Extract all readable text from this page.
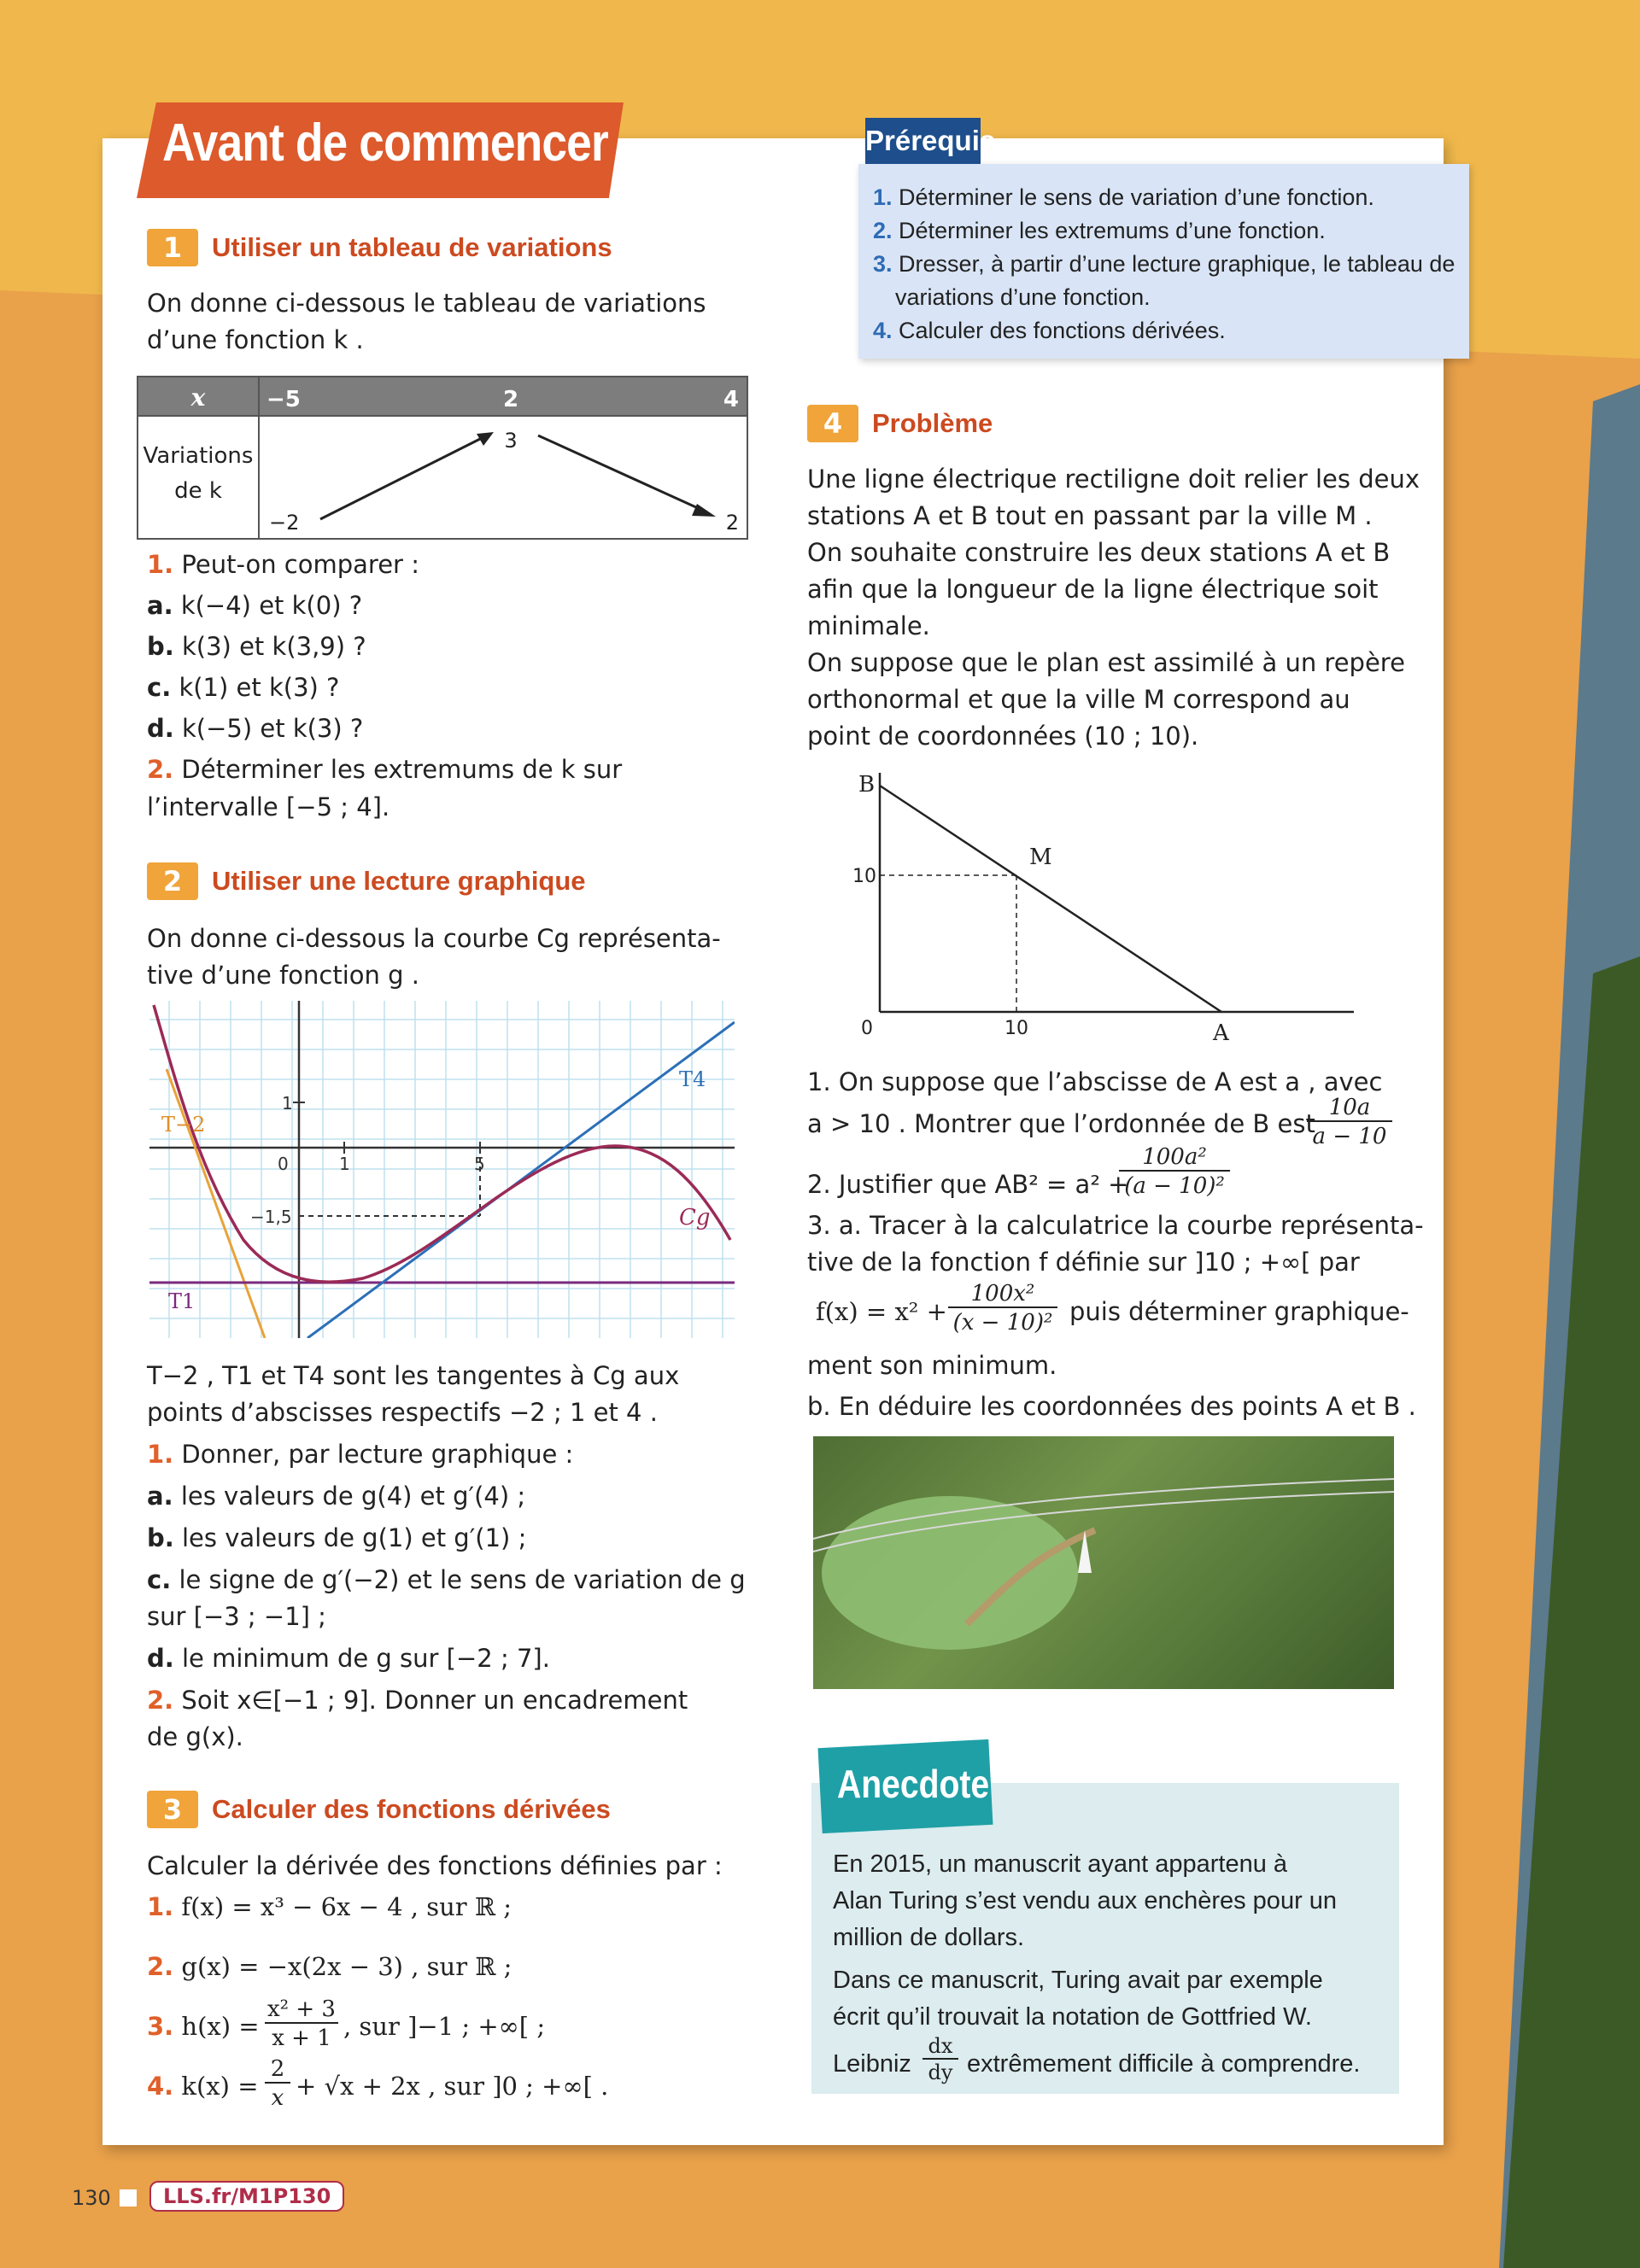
Avant de commencer	Prérequis
1. Déterminer le sens de variation d’une fonction.
2. Déterminer les extremums d’une fonction.
3. Dresser, à partir d’une lecture graphique, le tableau de
variations d’une fonction.
4. Calculer des fonctions dérivées.
1	Utiliser un tableau de variations
On donne ci-dessous le tableau de variations
d’une fonction k .
x	−5	2	4
Variations
de k
−2
3
2
1. Peut-on comparer :
a. k(−4) et k(0) ?
b. k(3) et k(3,9) ?
c. k(1) et k(3) ?
d. k(−5) et k(3) ?
2. Déterminer les extremums de k sur
l’intervalle [−5 ; 4].
2	Utiliser une lecture graphique
On donne ci-dessous la courbe Cg représenta-
tive d’une fonction g .
T−2
T1
T4
Cg
1
0	1	5
−1,5
T−2 , T1 et T4 sont les tangentes à Cg aux
points d’abscisses respectifs −2 ; 1 et 4 .
1. Donner, par lecture graphique :
a. les valeurs de g(4) et g′(4) ;
b. les valeurs de g(1) et g′(1) ;
c. le signe de g′(−2) et le sens de variation de g
sur [−3 ; −1] ;
d. le minimum de g sur [−2 ; 7].
2. Soit x∈[−1 ; 9]. Donner un encadrement
de g(x).
3	Calculer des fonctions dérivées
Calculer la dérivée des fonctions définies par :
1. f(x) = x³ − 6x − 4 , sur ℝ ;
2. g(x) = −x(2x − 3) , sur ℝ ;
3. h(x) =
x² + 3
x + 1 , sur ]−1 ; +∞[ ;
4. k(x) =
2
x + √x + 2x , sur ]0 ; +∞[ .
4	Problème
Une ligne électrique rectiligne doit relier les deux
stations A et B tout en passant par la ville M .
On souhaite construire les deux stations A et B
afin que la longueur de la ligne électrique soit
minimale.
On suppose que le plan est assimilé à un repère
orthonormal et que la ville M correspond au
point de coordonnées (10 ; 10).
B
M
A
10
0	10
1. On suppose que l’abscisse de A est a , avec
a > 10 . Montrer que l’ordonnée de B est
10a
a − 10
2. Justifier que AB² = a² +
100a²
(a − 10)²
3. a. Tracer à la calculatrice la courbe représenta-
tive de la fonction f définie sur ]10 ; +∞[ par
f(x) = x² +
100x²
(x − 10)² puis déterminer graphique-
ment son minimum.
b. En déduire les coordonnées des points A et B .
Anecdote
En 2015, un manuscrit ayant appartenu à
Alan Turing s’est vendu aux enchères pour un
million de dollars.
Dans ce manuscrit, Turing avait par exemple
écrit qu’il trouvait la notation de Gottfried W.
Leibniz
dx
dy extrêmement difficile à comprendre.
130	LLS.fr/M1P130
